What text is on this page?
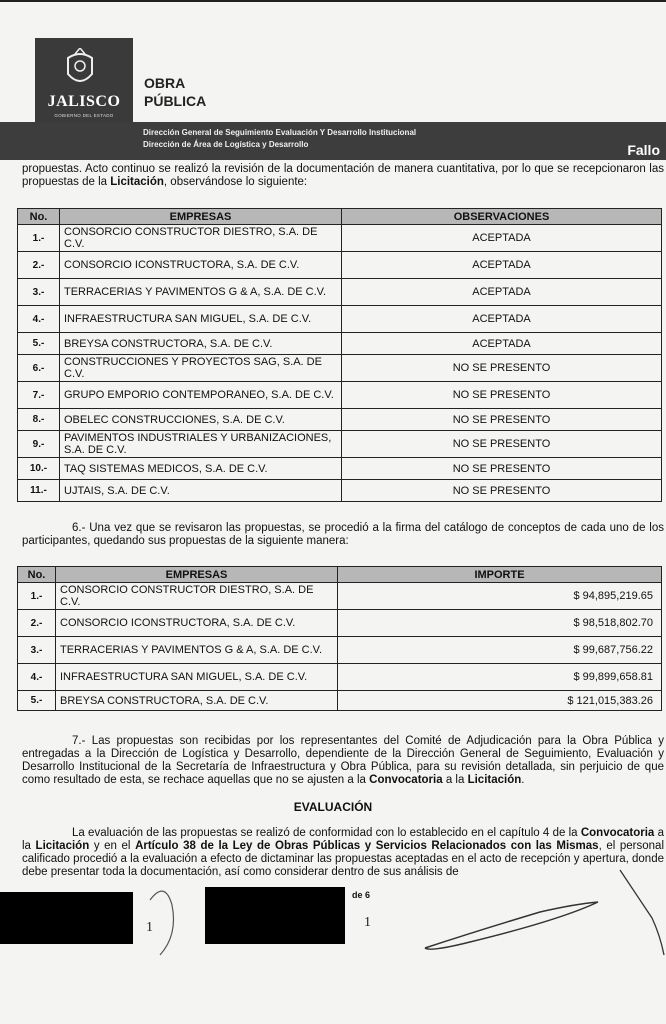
JALISCO
GOBIERNO DEL ESTADO
OBRA
PÚBLICA
Dirección General de Seguimiento Evaluación Y Desarrollo Institucional
Dirección de Área de Logística y Desarrollo	Fallo

propuestas. Acto continuo se realizó la revisión de la documentación de manera cuantitativa, por lo que se recepcionaron las propuestas de la Licitación, observándose lo siguiente:

No.	EMPRESAS	OBSERVACIONES
1.-	CONSORCIO CONSTRUCTOR DIESTRO, S.A. DE C.V.	ACEPTADA
2.-	CONSORCIO ICONSTRUCTORA, S.A. DE C.V.	ACEPTADA
3.-	TERRACERIAS Y PAVIMENTOS G & A, S.A. DE C.V.	ACEPTADA
4.-	INFRAESTRUCTURA SAN MIGUEL, S.A. DE C.V.	ACEPTADA
5.-	BREYSA CONSTRUCTORA, S.A. DE C.V.	ACEPTADA
6.-	CONSTRUCCIONES Y PROYECTOS SAG, S.A. DE C.V.	NO SE PRESENTO
7.-	GRUPO EMPORIO CONTEMPORANEO, S.A. DE C.V.	NO SE PRESENTO
8.-	OBELEC CONSTRUCCIONES, S.A. DE C.V.	NO SE PRESENTO
9.-	PAVIMENTOS INDUSTRIALES Y URBANIZACIONES, S.A. DE C.V.	NO SE PRESENTO
10.-	TAQ SISTEMAS MEDICOS, S.A. DE C.V.	NO SE PRESENTO
11.-	UJTAIS, S.A. DE C.V.	NO SE PRESENTO

6.- Una vez que se revisaron las propuestas, se procedió a la firma del catálogo de conceptos de cada uno de los participantes, quedando sus propuestas de la siguiente manera:

No.	EMPRESAS	IMPORTE
1.-	CONSORCIO CONSTRUCTOR DIESTRO, S.A. DE C.V.	$ 94,895,219.65
2.-	CONSORCIO ICONSTRUCTORA, S.A. DE C.V.	$ 98,518,802.70
3.-	TERRACERIAS Y PAVIMENTOS G & A, S.A. DE C.V.	$ 99,687,756.22
4.-	INFRAESTRUCTURA SAN MIGUEL, S.A. DE C.V.	$ 99,899,658.81
5.-	BREYSA CONSTRUCTORA, S.A. DE C.V.	$ 121,015,383.26

7.- Las propuestas son recibidas por los representantes del Comité de Adjudicación para la Obra Pública y entregadas a la Dirección de Logística y Desarrollo, dependiente de la Dirección General de Seguimiento, Evaluación y Desarrollo Institucional de la Secretaría de Infraestructura y Obra Pública, para su revisión detallada, sin perjuicio de que como resultado de esta, se rechace aquellas que no se ajusten a la Convocatoria a la Licitación.

EVALUACIÓN

La evaluación de las propuestas se realizó de conformidad con lo establecido en el capítulo 4 de la Convocatoria a la Licitación y en el Artículo 38 de la Ley de Obras Públicas y Servicios Relacionados con las Mismas, el personal calificado procedió a la evaluación a efecto de dictaminar las propuestas aceptadas en el acto de recepción y apertura, donde debe presentar toda la documentación, así como considerar dentro de sus análisis de

de 6
1	1
